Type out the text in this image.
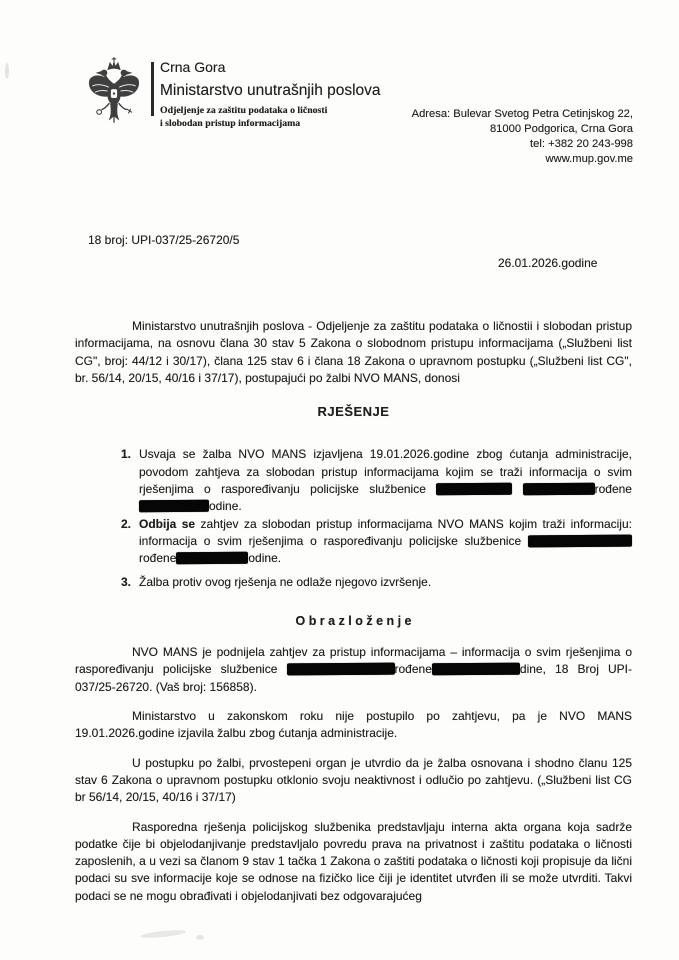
Crna Gora
Ministarstvo unutrašnjih poslova
Odjeljenje za zaštitu podataka o ličnosti
i slobodan pristup informacijama
Adresa: Bulevar Svetog Petra Cetinjskog 22,
81000 Podgorica, Crna Gora
tel: +382 20 243-998
www.mup.gov.me
18 broj: UPI-037/25-26720/5
26.01.2026.godine

Ministarstvo unutrašnjih poslova - Odjeljenje za zaštitu podataka o ličnostii i slobodan pristup informacijama, na osnovu člana 30 stav 5 Zakona o slobodnom pristupu informacijama („Službeni list CG", broj: 44/12 i 30/17), člana 125 stav 6 i člana 18 Zakona o upravnom postupku („Službeni list CG", br. 56/14, 20/15, 40/16 i 37/17), postupajući po žalbi NVO MANS, donosi

RJEŠENJE
1. Usvaja se žalba NVO MANS izjavljena 19.01.2026.godine zbog ćutanja administracije, povodom zahtjeva za slobodan pristup informacijama kojim se traži informacija o svim rješenjima o raspoređivanju policijske službenice	rođeneodine.
2. Odbija se zahtjev za slobodan pristup informacijama NVO MANS kojim traži informaciju: informacija o svim rješenjima o raspoređivanju policijske službenice rođene	odine.
3. Žalba protiv ovog rješenja ne odlaže njegovo izvršenje.
O b r a z l o ž e n j e

NVO MANS je podnijela zahtjev za pristup informacijama – informacija o svim rješenjima o raspoređivanju policijske službenice	rođene	dine, 18 Broj UPI-037/25-26720. (Vaš broj: 156858).

Ministarstvo u zakonskom roku nije postupilo po zahtjevu, pa je NVO MANS 19.01.2026.godine izjavila žalbu zbog ćutanja administracije.

U postupku po žalbi, prvostepeni organ je utvrdio da je žalba osnovana i shodno članu 125 stav 6 Zakona o upravnom postupku otklonio svoju neaktivnost i odlučio po zahtjevu. („Službeni list CG br 56/14, 20/15, 40/16 i 37/17)

Rasporedna rješenja policijskog službenika predstavljaju interna akta organa koja sadrže podatke čije bi objelodanjivanje predstavljalo povredu prava na privatnost i zaštitu podataka o ličnosti zaposlenih, a u vezi sa članom 9 stav 1 tačka 1 Zakona o zaštiti podataka o ličnosti koji propisuje da lični podaci su sve informacije koje se odnose na fizičko lice čiji je identitet utvrđen ili se može utvrditi. Takvi podaci se ne mogu obrađivati i objelodanjivati bez odgovarajućeg
